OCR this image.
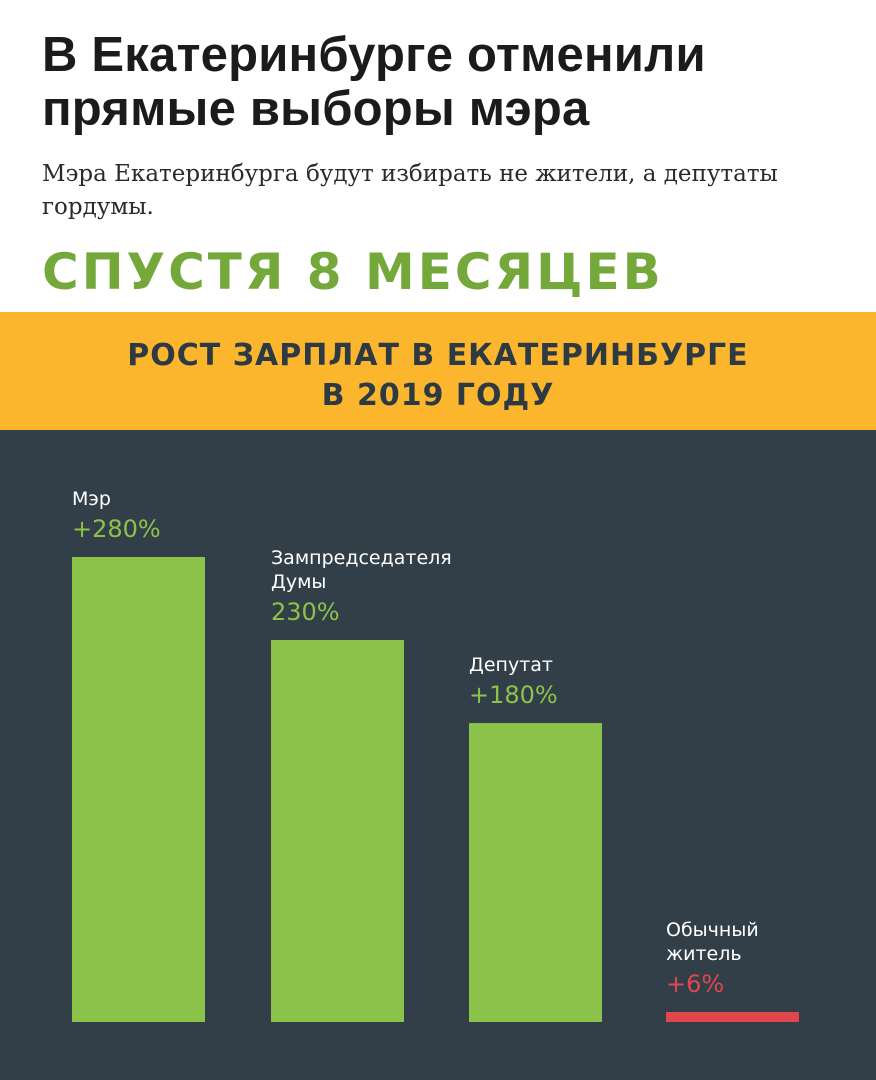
В Екатеринбурге отменили прямые выборы мэра

Мэра Екатеринбурга будут избирать не жители, а депутаты гордумы.

СПУСТЯ 8 МЕСЯЦЕВ
РОСТ ЗАРПЛАТ В ЕКАТЕРИНБУРГЕ
В 2019 ГОДУ
+280%
Мэр
230%
Зампредседателя
Думы
+180%
Депутат
+6%
Обычный
житель
